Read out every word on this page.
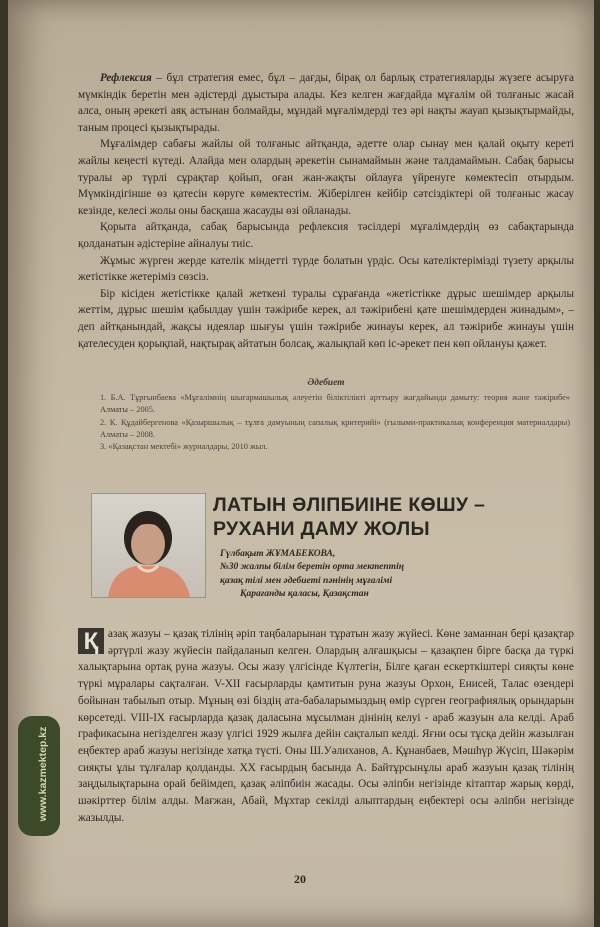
Рефлексия – бұл стратегия емес, бұл – дағды, бірақ ол барлық стратегияларды жүзеге асыруға мүмкіндік беретін мен әдістерді дұыстыра алады. Кез келген жағдайда мұғалім ой толғаныс жасай алса, оның әрекеті аяқ астынан болмайды, мұндай мұғалімдерді тез әрі нақты жауап қызықтырмайды, таным процесі қызықтырады.

Мұғалімдер сабағы жайлы ой толғаныс айтқанда, әдетте олар сынау мен қалай оқыту кереті жайлы кеңесті күтеді. Алайда мен олардың әрекетін сынамаймын және талдамаймын. Сабақ барысы туралы әр түрлі сұрақтар қойып, оған жан-жақты ойлауға үйренуге көмектесіп отырдым. Мүмкіндігінше өз қатесін көруге көмектестім. Жіберілген кейбір сәтсіздіктері ой толғаныс жасау кезінде, келесі жолы оны басқаша жасауды өзі ойланады.

Қорыта айтқанда, сабақ барысында рефлексия тәсілдері мұғалімдердің өз сабақтарында қолданатын әдістеріне айналуы тиіс.

Жұмыс жүрген жерде кателік міндетті түрде болатын үрдіс. Осы кателіктерімізді түзету арқылы жетістікке жетеріміз сөзсіз.

Бір кісіден жетістікке қалай жеткені туралы сұрағанда «жетістікке дұрыс шешімдер арқылы жеттім, дұрыс шешім қабылдау үшін тәжірибе керек, ал тәжірибені қате шешімдерден жинадым», – деп айтқанындай, жақсы идеялар шығуы үшін тәжірибе жинауы керек, ал тәжірибе жинауы үшін қателесуден қорықпай, нақтырақ айтатын болсақ, жалықпай көп іс-әрекет пен көп ойлануы қажет.

Әдебиет
1. Б.А. Тұрғынбаева «Мұғалімнің шығармашылық әлеуетін біліктілікті арттыру жағдайында дамыту: теория және тәжірибе» Алматы – 2005.
2. К. Құдайбергенова «Қазыршылық – тұлға дамуының сапалық критерийі» (ғылыми-практикалық конференция материалдары) Алматы – 2008.
3. «Қазақстан мектебі» журналдары, 2010 жыл.
ЛАТЫН ӘЛІПБИІНЕ КӨШУ –
РУХАНИ ДАМУ ЖОЛЫ
Гүлбақыт ЖҰМАБЕКОВА,
№30 жалпы білім беретін орта мектептің
қазақ тілі мен әдебиеті пәнінің мұғалімі
Қарағанды қаласы, Қазақстан

Қ азақ жазуы – қазақ тілінің әріп таңбаларынан тұратын жазу жүйесі. Көне заманнан бері қазақтар әртүрлі жазу жүйесін пайдаланып келген. Олардың алғашқысы – қазақпен бірге басқа да түркі халықтарына ортақ руна жазуы. Осы жазу үлгісінде Күлтегін, Білге қаған ескерткіштері сияқты көне түркі мұралары сақталған. V-XII ғасырларды қамтитын руна жазуы Орхон, Енисей, Талас өзендері бойынан табылып отыр. Мұның өзі біздің ата-бабаларымыздың өмір сүрген географиялық орындарын көрсетеді. VIII-IX ғасырларда қазақ даласына мұсылман дінінің келуі - араб жазуын ала келді. Араб графикасына негізделген жазу үлгісі 1929 жылға дейін сақталып келді. Яғни осы тұсқа дейін жазылған еңбектер араб жазуы негізінде хатқа түсті. Оны Ш.Уәлиханов, А. Құнанбаев, Мәшһүр Жүсіп, Шәкәрім сияқты ұлы тұлғалар қолданды. XX ғасырдың басында А. Байтұрсынұлы араб жазуын қазақ тілінің заңдылықтарына орай бейімдеп, қазақ әліпбиін жасады. Осы әліпби негізінде кітаптар жарық көрді, шәкірттер білім алды. Мағжан, Абай, Мұхтар секілді алыптардың еңбектері осы әліпби негізінде жазылды.

www.kazmektep.kz
20
